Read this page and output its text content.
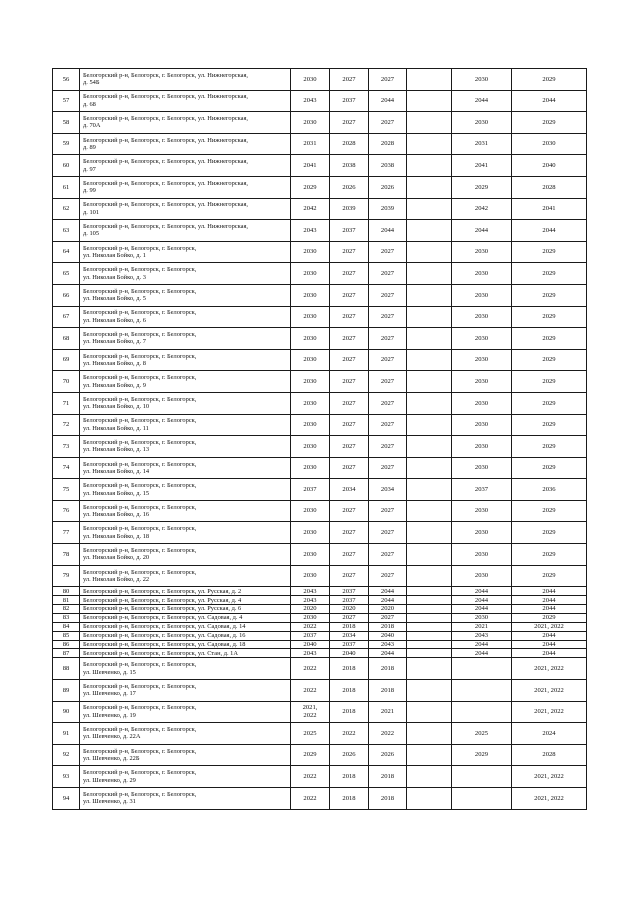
56	Белогорский р-н, Белогорск, г. Белогорск, ул. Нижнегорская,
д. 54Б	2030	2027	2027		2030	2029
57	Белогорский р-н, Белогорск, г. Белогорск, ул. Нижнегорская,
д. 68	2043	2037	2044		2044	2044
58	Белогорский р-н, Белогорск, г. Белогорск, ул. Нижнегорская,
д. 70А	2030	2027	2027		2030	2029
59	Белогорский р-н, Белогорск, г. Белогорск, ул. Нижнегорская,
д. 89	2031	2028	2028		2031	2030
60	Белогорский р-н, Белогорск, г. Белогорск, ул. Нижнегорская,
д. 97	2041	2038	2038		2041	2040
61	Белогорский р-н, Белогорск, г. Белогорск, ул. Нижнегорская,
д. 99	2029	2026	2026		2029	2028
62	Белогорский р-н, Белогорск, г. Белогорск, ул. Нижнегорская,
д. 101	2042	2039	2039		2042	2041
63	Белогорский р-н, Белогорск, г. Белогорск, ул. Нижнегорская,
д. 105	2043	2037	2044		2044	2044
64	Белогорский р-н, Белогорск, г. Белогорск,
ул. Николая Бойко, д. 1	2030	2027	2027		2030	2029
65	Белогорский р-н, Белогорск, г. Белогорск,
ул. Николая Бойко, д. 3	2030	2027	2027		2030	2029
66	Белогорский р-н, Белогорск, г. Белогорск,
ул. Николая Бойко, д. 5	2030	2027	2027		2030	2029
67	Белогорский р-н, Белогорск, г. Белогорск,
ул. Николая Бойко, д. 6	2030	2027	2027		2030	2029
68	Белогорский р-н, Белогорск, г. Белогорск,
ул. Николая Бойко, д. 7	2030	2027	2027		2030	2029
69	Белогорский р-н, Белогорск, г. Белогорск,
ул. Николая Бойко, д. 8	2030	2027	2027		2030	2029
70	Белогорский р-н, Белогорск, г. Белогорск,
ул. Николая Бойко, д. 9	2030	2027	2027		2030	2029
71	Белогорский р-н, Белогорск, г. Белогорск,
ул. Николая Бойко, д. 10	2030	2027	2027		2030	2029
72	Белогорский р-н, Белогорск, г. Белогорск,
ул. Николая Бойко, д. 11	2030	2027	2027		2030	2029
73	Белогорский р-н, Белогорск, г. Белогорск,
ул. Николая Бойко, д. 13	2030	2027	2027		2030	2029
74	Белогорский р-н, Белогорск, г. Белогорск,
ул. Николая Бойко, д. 14	2030	2027	2027		2030	2029
75	Белогорский р-н, Белогорск, г. Белогорск,
ул. Николая Бойко, д. 15	2037	2034	2034		2037	2036
76	Белогорский р-н, Белогорск, г. Белогорск,
ул. Николая Бойко, д. 16	2030	2027	2027		2030	2029
77	Белогорский р-н, Белогорск, г. Белогорск,
ул. Николая Бойко, д. 18	2030	2027	2027		2030	2029
78	Белогорский р-н, Белогорск, г. Белогорск,
ул. Николая Бойко, д. 20	2030	2027	2027		2030	2029
79	Белогорский р-н, Белогорск, г. Белогорск,
ул. Николая Бойко, д. 22	2030	2027	2027		2030	2029
80	Белогорский р-н, Белогорск, г. Белогорск, ул. Русская, д. 2	2043	2037	2044		2044	2044
81	Белогорский р-н, Белогорск, г. Белогорск, ул. Русская, д. 4	2043	2037	2044		2044	2044
82	Белогорский р-н, Белогорск, г. Белогорск, ул. Русская, д. 6	2020	2020	2020		2044	2044
83	Белогорский р-н, Белогорск, г. Белогорск, ул. Садовая, д. 4	2030	2027	2027		2030	2029
84	Белогорский р-н, Белогорск, г. Белогорск, ул. Садовая, д. 14	2022	2018	2018		2021	2021, 2022
85	Белогорский р-н, Белогорск, г. Белогорск, ул. Садовая, д. 16	2037	2034	2040		2043	2044
86	Белогорский р-н, Белогорск, г. Белогорск, ул. Садовая, д. 18	2040	2037	2043		2044	2044
87	Белогорский р-н, Белогорск, г. Белогорск, ул. Стан, д. 1А	2043	2040	2044		2044	2044
88	Белогорский р-н, Белогорск, г. Белогорск,
ул. Шевченко, д. 15	2022	2018	2018			2021, 2022
89	Белогорский р-н, Белогорск, г. Белогорск,
ул. Шевченко, д. 17	2022	2018	2018			2021, 2022
90	Белогорский р-н, Белогорск, г. Белогорск,
ул. Шевченко, д. 19	2021,
2022	2018	2021			2021, 2022
91	Белогорский р-н, Белогорск, г. Белогорск,
ул. Шевченко, д. 22А	2025	2022	2022		2025	2024
92	Белогорский р-н, Белогорск, г. Белогорск,
ул. Шевченко, д. 22Б	2029	2026	2026		2029	2028
93	Белогорский р-н, Белогорск, г. Белогорск,
ул. Шевченко, д. 29	2022	2018	2018			2021, 2022
94	Белогорский р-н, Белогорск, г. Белогорск,
ул. Шевченко, д. 31	2022	2018	2018			2021, 2022
